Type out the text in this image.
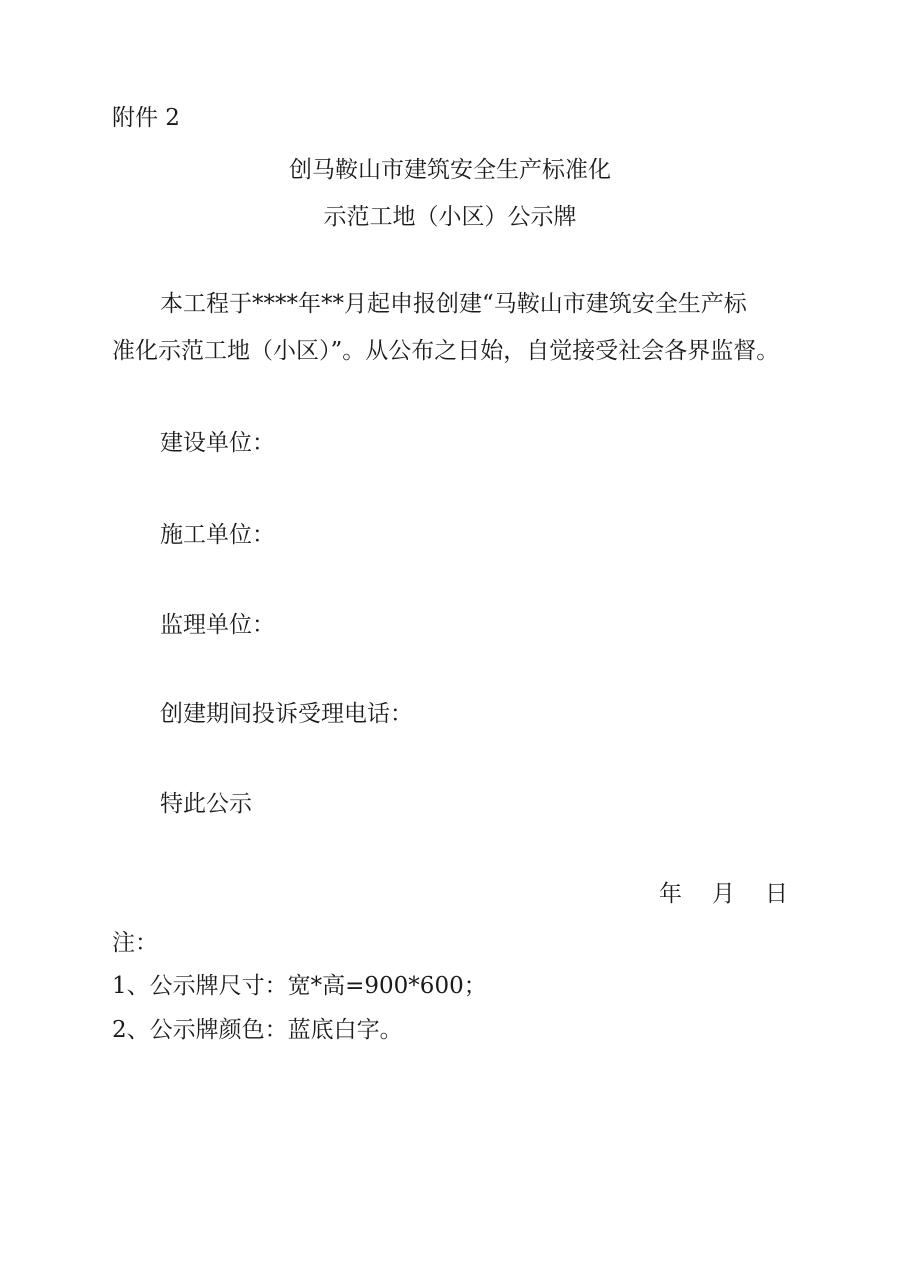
附件 2
创马鞍山市建筑安全生产标准化
示范工地（小区）公示牌
本工程于****年**月起申报创建“马鞍山市建筑安全生产标
准化示范工地（小区）”。从公布之日始，自觉接受社会各界监督。
建设单位：
施工单位：
监理单位：
创建期间投诉受理电话：
特此公示
年 月 日
注：
1、公示牌尺寸：宽*高=900*600；
2、公示牌颜色：蓝底白字。
